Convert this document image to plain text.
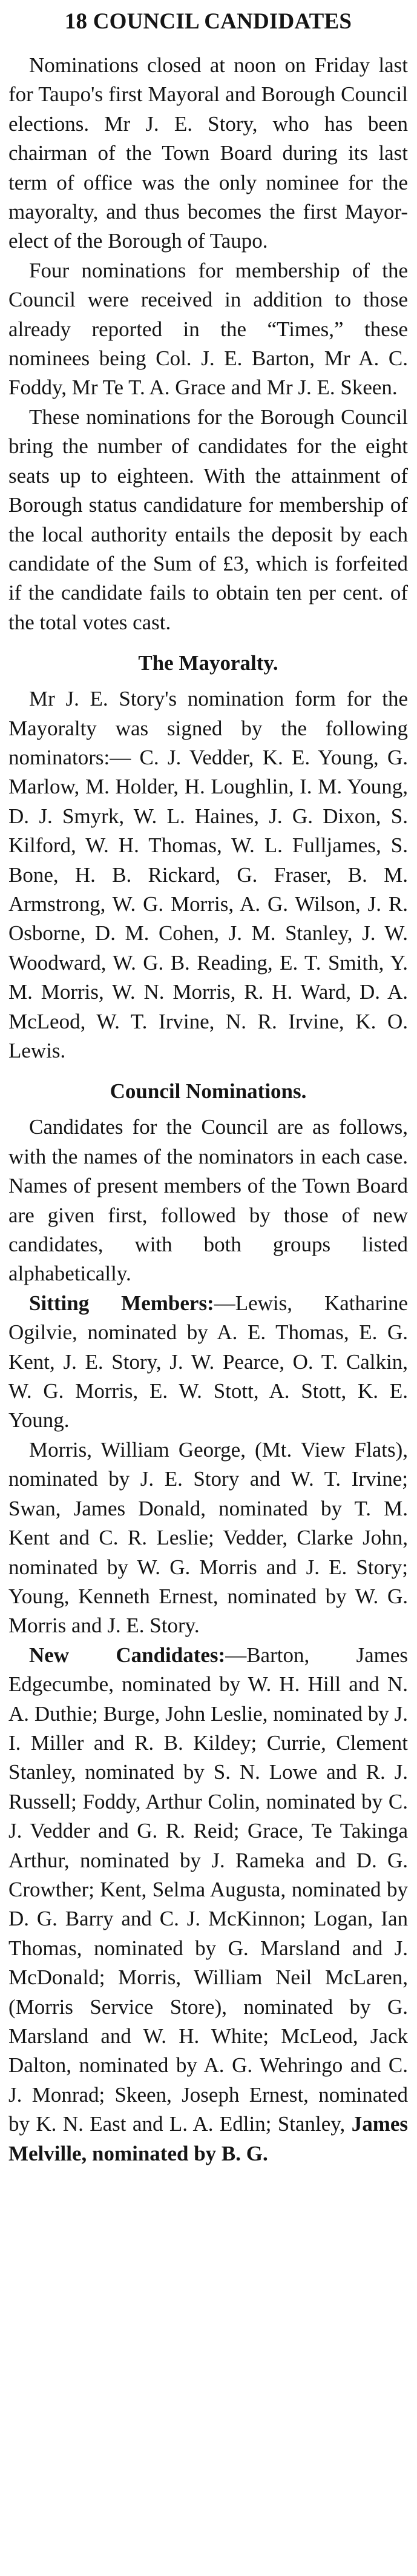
18 COUNCIL CANDIDATES

Nominations closed at noon on Friday last for Taupo's first Mayoral and Borough Council elections. Mr J. E. Story, who has been chairman of the Town Board during its last term of office was the only nominee for the mayoralty, and thus becomes the first Mayor-elect of the Borough of Taupo.

Four nominations for membership of the Council were received in addition to those already reported in the “Times,” these nominees being Col. J. E. Barton, Mr A. C. Foddy, Mr Te T. A. Grace and Mr J. E. Skeen.

These nominations for the Borough Council bring the number of candidates for the eight seats up to eighteen. With the attainment of Borough status candidature for membership of the local authority entails the deposit by each candidate of the Sum of £3, which is forfeited if the candidate fails to obtain ten per cent. of the total votes cast.

The Mayoralty.

Mr J. E. Story's nomination form for the Mayoralty was signed by the following nominators:— C. J. Vedder, K. E. Young, G. Marlow, M. Holder, H. Loughlin, I. M. Young, D. J. Smyrk, W. L. Haines, J. G. Dixon, S. Kilford, W. H. Thomas, W. L. Fulljames, S. Bone, H. B. Rickard, G. Fraser, B. M. Armstrong, W. G. Morris, A. G. Wilson, J. R. Osborne, D. M. Cohen, J. M. Stanley, J. W. Woodward, W. G. B. Reading, E. T. Smith, Y. M. Morris, W. N. Morris, R. H. Ward, D. A. McLeod, W. T. Irvine, N. R. Irvine, K. O. Lewis.

Council Nominations.

Candidates for the Council are as follows, with the names of the nominators in each case. Names of present members of the Town Board are given first, followed by those of new candidates, with both groups listed alphabetically.

Sitting Members:—Lewis, Katharine Ogilvie, nominated by A. E. Thomas, E. G. Kent, J. E. Story, J. W. Pearce, O. T. Calkin, W. G. Morris, E. W. Stott, A. Stott, K. E. Young.

Morris, William George, (Mt. View Flats), nominated by J. E. Story and W. T. Irvine; Swan, James Donald, nominated by T. M. Kent and C. R. Leslie; Vedder, Clarke John, nominated by W. G. Morris and J. E. Story; Young, Kenneth Ernest, nominated by W. G. Morris and J. E. Story.

New Candidates:—Barton, James Edgecumbe, nominated by W. H. Hill and N. A. Duthie; Burge, John Leslie, nominated by J. I. Miller and R. B. Kildey; Currie, Clement Stanley, nominated by S. N. Lowe and R. J. Russell; Foddy, Arthur Colin, nominated by C. J. Vedder and G. R. Reid; Grace, Te Takinga Arthur, nominated by J. Rameka and D. G. Crowther; Kent, Selma Augusta, nominated by D. G. Barry and C. J. McKinnon; Logan, Ian Thomas, nominated by G. Marsland and J. McDonald; Morris, William Neil McLaren, (Morris Service Store), nominated by G. Marsland and W. H. White; McLeod, Jack Dalton, nominated by A. G. Wehringo and C. J. Monrad; Skeen, Joseph Ernest, nominated by K. N. East and L. A. Edlin; Stanley, James Melville, nominated by B. G.
